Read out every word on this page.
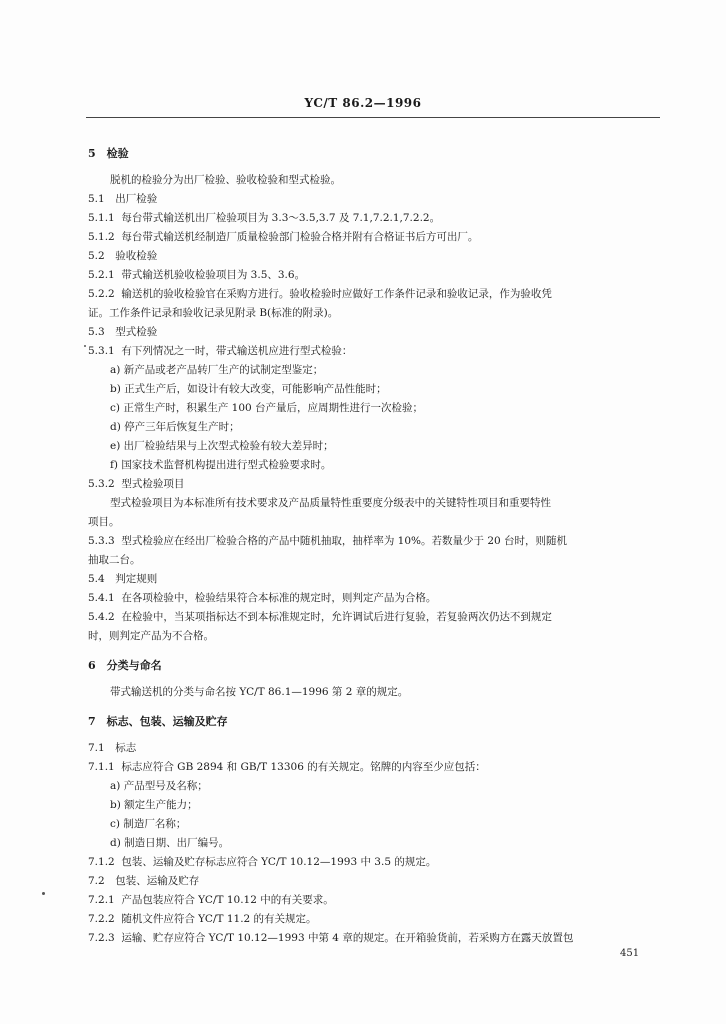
YC/T 86.2—1996
5　检验
脱机的检验分为出厂检验、验收检验和型式检验。
5.1　出厂检验
5.1.1 每台带式输送机出厂检验项目为 3.3～3.5,3.7 及 7.1,7.2.1,7.2.2。
5.1.2 每台带式输送机经制造厂质量检验部门检验合格并附有合格证书后方可出厂。
5.2　验收检验
5.2.1 带式输送机验收检验项目为 3.5、3.6。
5.2.2 输送机的验收检验官在采购方进行。验收检验时应做好工作条件记录和验收记录，作为验收凭
证。工作条件记录和验收记录见附录 B(标准的附录)。
5.3　型式检验
5.3.1 有下列情况之一时，带式输送机应进行型式检验：
a) 新产品或老产品转厂生产的试制定型鉴定；
b) 正式生产后，如设计有较大改变，可能影响产品性能时；
c) 正常生产时，积累生产 100 台产量后，应周期性进行一次检验；
d) 停产三年后恢复生产时；
e) 出厂检验结果与上次型式检验有较大差异时；
f) 国家技术监督机构提出进行型式检验要求时。
5.3.2 型式检验项目
型式检验项目为本标准所有技术要求及产品质量特性重要度分级表中的关键特性项目和重要特性
项目。
5.3.3 型式检验应在经出厂检验合格的产品中随机抽取，抽样率为 10%。若数量少于 20 台时，则随机
抽取二台。
5.4　判定规则
5.4.1 在各项检验中，检验结果符合本标准的规定时，则判定产品为合格。
5.4.2 在检验中，当某项指标达不到本标准规定时，允许调试后进行复验，若复验两次仍达不到规定
时，则判定产品为不合格。
6　分类与命名
带式输送机的分类与命名按 YC/T 86.1—1996 第 2 章的规定。
7　标志、包装、运输及贮存
7.1　标志
7.1.1 标志应符合 GB 2894 和 GB/T 13306 的有关规定。铭牌的内容至少应包括：
a) 产品型号及名称；
b) 额定生产能力；
c) 制造厂名称；
d) 制造日期、出厂编号。
7.1.2 包装、运输及贮存标志应符合 YC/T 10.12—1993 中 3.5 的规定。
7.2　包装、运输及贮存
7.2.1 产品包装应符合 YC/T 10.12 中的有关要求。
7.2.2 随机文件应符合 YC/T 11.2 的有关规定。
7.2.3 运输、贮存应符合 YC/T 10.12—1993 中第 4 章的规定。在开箱验货前，若采购方在露天放置包
451
